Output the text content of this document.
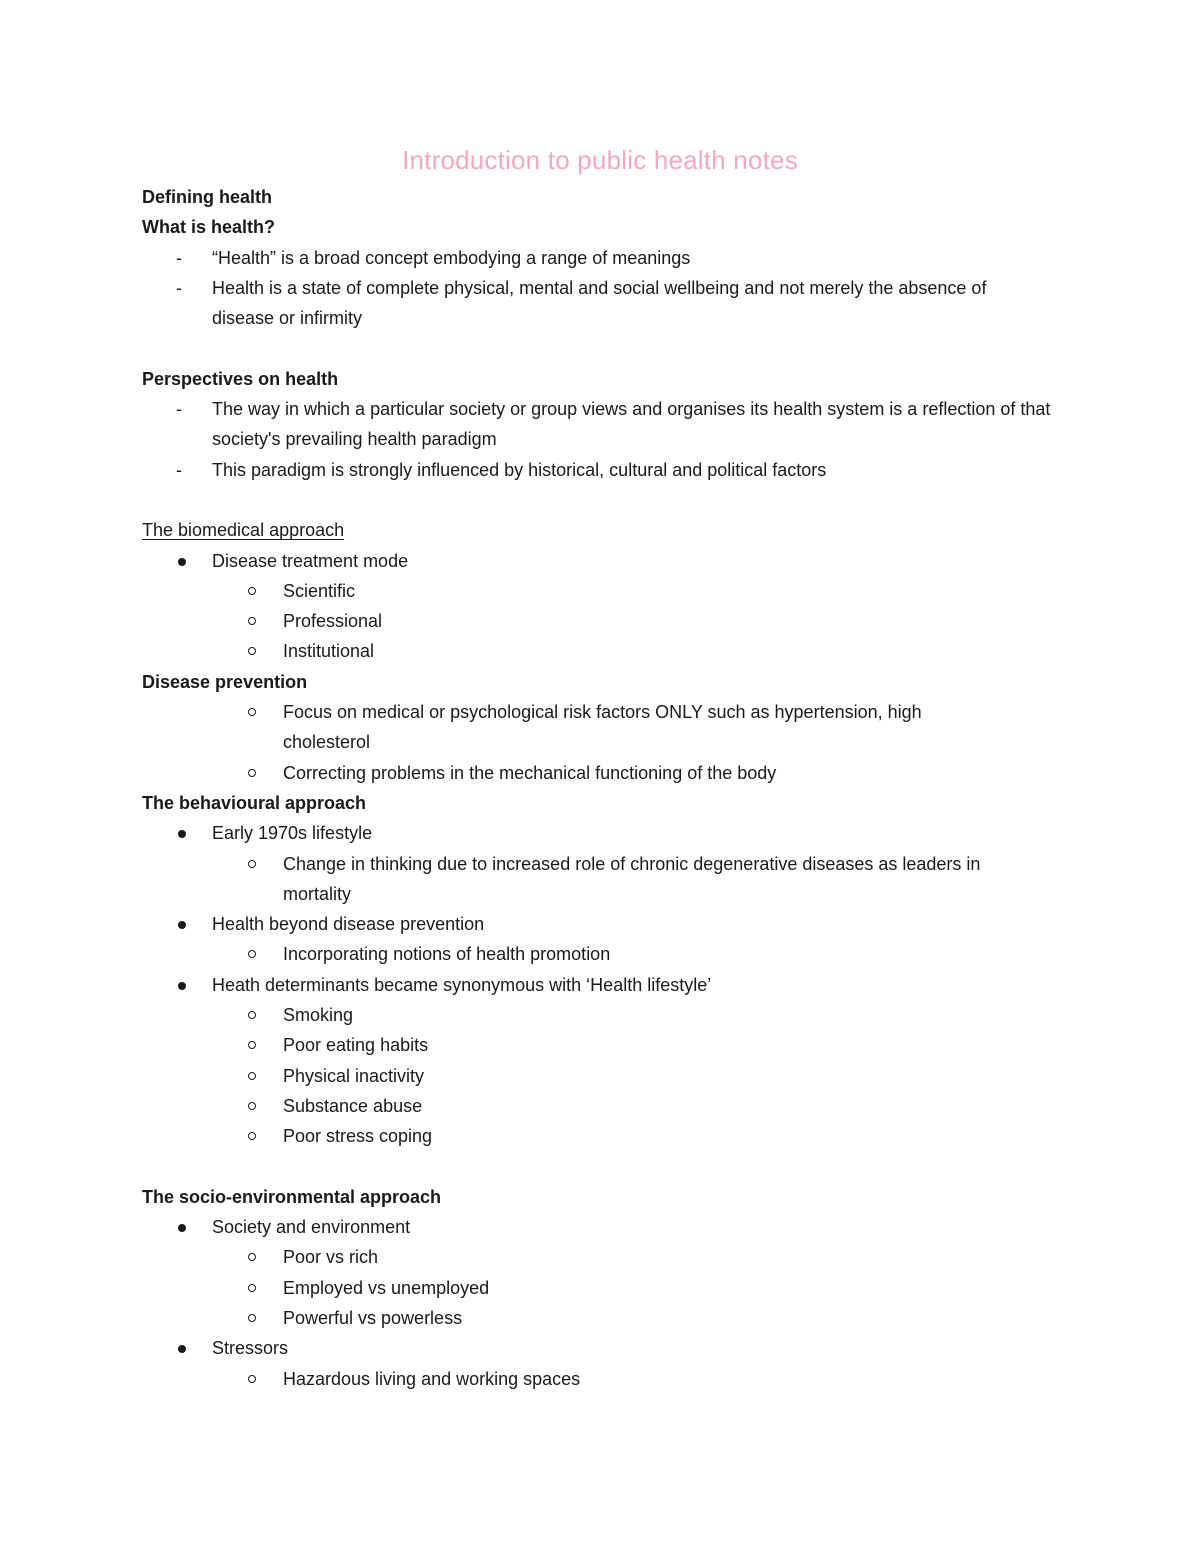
Introduction to public health notes
Defining health
What is health?
-	“Health” is a broad concept embodying a range of meanings
-	Health is a state of complete physical, mental and social wellbeing and not merely the absence of disease or infirmity
Perspectives on health
-	The way in which a particular society or group views and organises its health system is a reflection of that society's prevailing health paradigm
-	This paradigm is strongly influenced by historical, cultural and political factors
The biomedical approach
Disease treatment mode
Scientific
Professional
Institutional
Disease prevention
Focus on medical or psychological risk factors ONLY such as hypertension, high cholesterol
Correcting problems in the mechanical functioning of the body
The behavioural approach
Early 1970s lifestyle
Change in thinking due to increased role of chronic degenerative diseases as leaders in mortality
Health beyond disease prevention
Incorporating notions of health promotion
Heath determinants became synonymous with ‘Health lifestyle’
Smoking
Poor eating habits
Physical inactivity
Substance abuse
Poor stress coping
The socio-environmental approach
Society and environment
Poor vs rich
Employed vs unemployed
Powerful vs powerless
Stressors
Hazardous living and working spaces
